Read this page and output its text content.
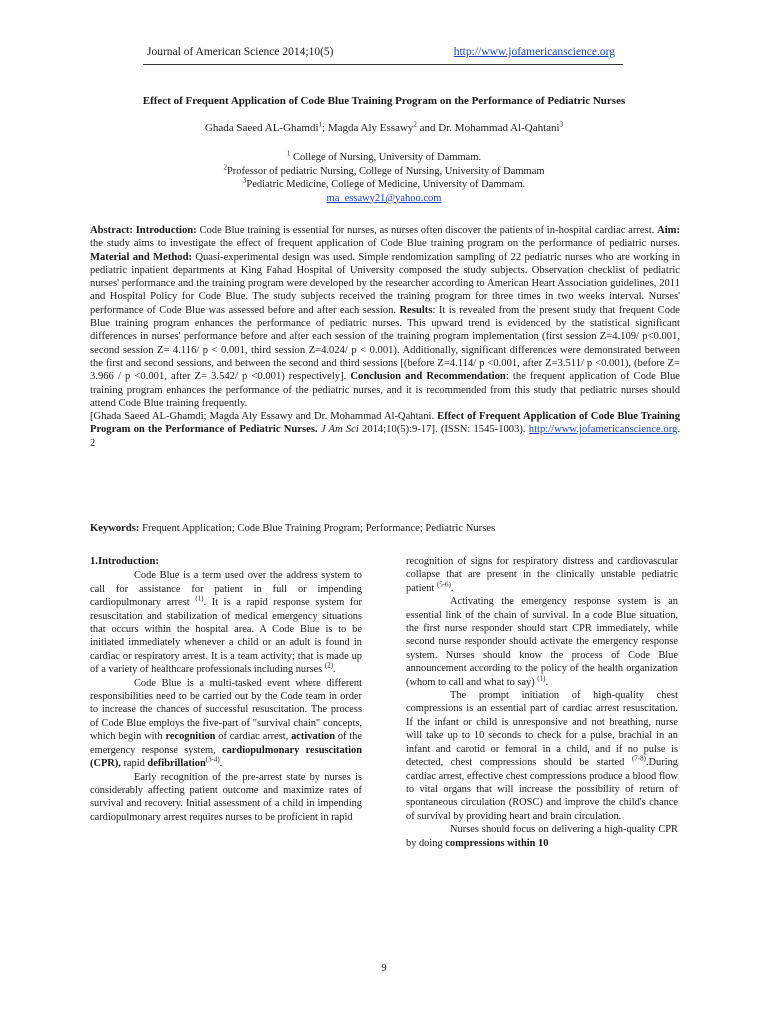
Journal of American Science 2014;10(5)	http://www.jofamericanscience.org
Effect of Frequent Application of Code Blue Training Program on the Performance of Pediatric Nurses
Ghada Saeed AL-Ghamdi$^1$; Magda Aly Essawy$^2$ and Dr. Mohammad Al-Qahtani$^3$
$^1$ College of Nursing, University of Dammam.
$^2$Professor of pediatric Nursing, College of Nursing, University of Dammam
$^3$Pediatric Medicine, College of Medicine, University of Dammam.
ma_essawy21@yahoo.com

Abstract: Introduction: Code Blue training is essential for nurses, as nurses often discover the patients of in-hospital cardiac arrest. Aim: the study aims to investigate the effect of frequent application of Code Blue training program on the performance of pediatric nurses. Material and Method: Quasi-experimental design was used. Simple rendomization sampling of 22 pediatric nurses who are working in pediatric inpatient departments at King Fahad Hospital of University composed the study subjects. Observation checklist of pediatric nurses' performance and the training program were developed by the researcher according to American Heart Association guidelines, 2011 and Hospital Policy for Code Blue. The study subjects received the training program for three times in two weeks interval. Nurses' performance of Code Blue was assessed before and after each session. Results: It is revealed from the present study that frequent Code Blue training program enhances the performance of pediatric nurses. This upward trend is evidenced by the statistical significant differences in nurses' performance before and after each session of the training program implementation (first session Z=4.109/ p<0.001, second session Z= 4.116/ p < 0.001, third session Z=4.024/ p < 0.001). Additionally, significant differences were demonstrated between the first and second sessions, and between the second and third sessions [(before Z=4.114/ p <0.001, after Z=3.511/ p <0.001), (before Z= 3.966 / p <0.001, after Z= 3.542/ p <0.001) respectively]. Conclusion and Recommendation: the frequent application of Code Blue training program enhances the performance of the pediatric nurses, and it is recommended from this study that pediatric nurses should attend Code Blue training frequently.

[Ghada Saeed AL-Ghamdi; Magda Aly Essawy and Dr. Mohammad Al-Qahtani. Effect of Frequent Application of Code Blue Training Program on the Performance of Pediatric Nurses. J Am Sci 2014;10(5):9-17]. (ISSN: 1545-1003). http://www.jofamericanscience.org. 2

Keywords: Frequent Application; Code Blue Training Program; Performance; Pediatric Nurses

1.Introduction:

Code Blue is a term used over the address system to call for assistance for patient in full or impending cardiopulmonary arrest $^{(1)}$. It is a rapid response system for resuscitation and stabilization of medical emergency situations that occurs within the hospital area. A Code Blue is to be initiated immediately whenever a child or an adult is found in cardiac or respiratory arrest. It is a team activity; that is made up of a variety of healthcare professionals including nurses $^{(2)}$.

Code Blue is a multi-tasked event where different responsibilities need to be carried out by the Code team in order to increase the chances of successful resuscitation. The process of Code Blue employs the five-part of "survival chain" concepts, which begin with recognition of cardiac arrest, activation of the emergency response system, cardiopulmonary resuscitation (CPR), rapid defibrillation$^{(3-4)}$.

Early recognition of the pre-arrest state by nurses is considerably affecting patient outcome and maximize rates of survival and recovery. Initial assessment of a child in impending cardiopulmonary arrest requires nurses to be proficient in rapid

recognition of signs for respiratory distress and cardiovascular collapse that are present in the clinically unstable pediatric patient $^{(5-6)}$.

Activating the emergency response system is an essential link of the chain of survival. In a code Blue situation, the first nurse responder should start CPR immediately, while second nurse responder should activate the emergency response system. Nurses should know the process of Code Blue announcement according to the policy of the health organization (whom to call and what to say) $^{(1)}$.

The prompt initiation of high-quality chest compressions is an essential part of cardiac arrest resuscitation. If the infant or child is unresponsive and not breathing, nurse will take up to 10 seconds to check for a pulse, brachial in an infant and carotid or femoral in a child, and if no pulse is detected, chest compressions should be started $^{(7-8)}$.During cardiac arrest, effective chest compressions produce a blood flow to vital organs that will increase the possibility of return of spontaneous circulation (ROSC) and improve the child's chance of survival by providing heart and brain circulation.

Nurses should focus on delivering a high-quality CPR by doing compressions within 10

9
